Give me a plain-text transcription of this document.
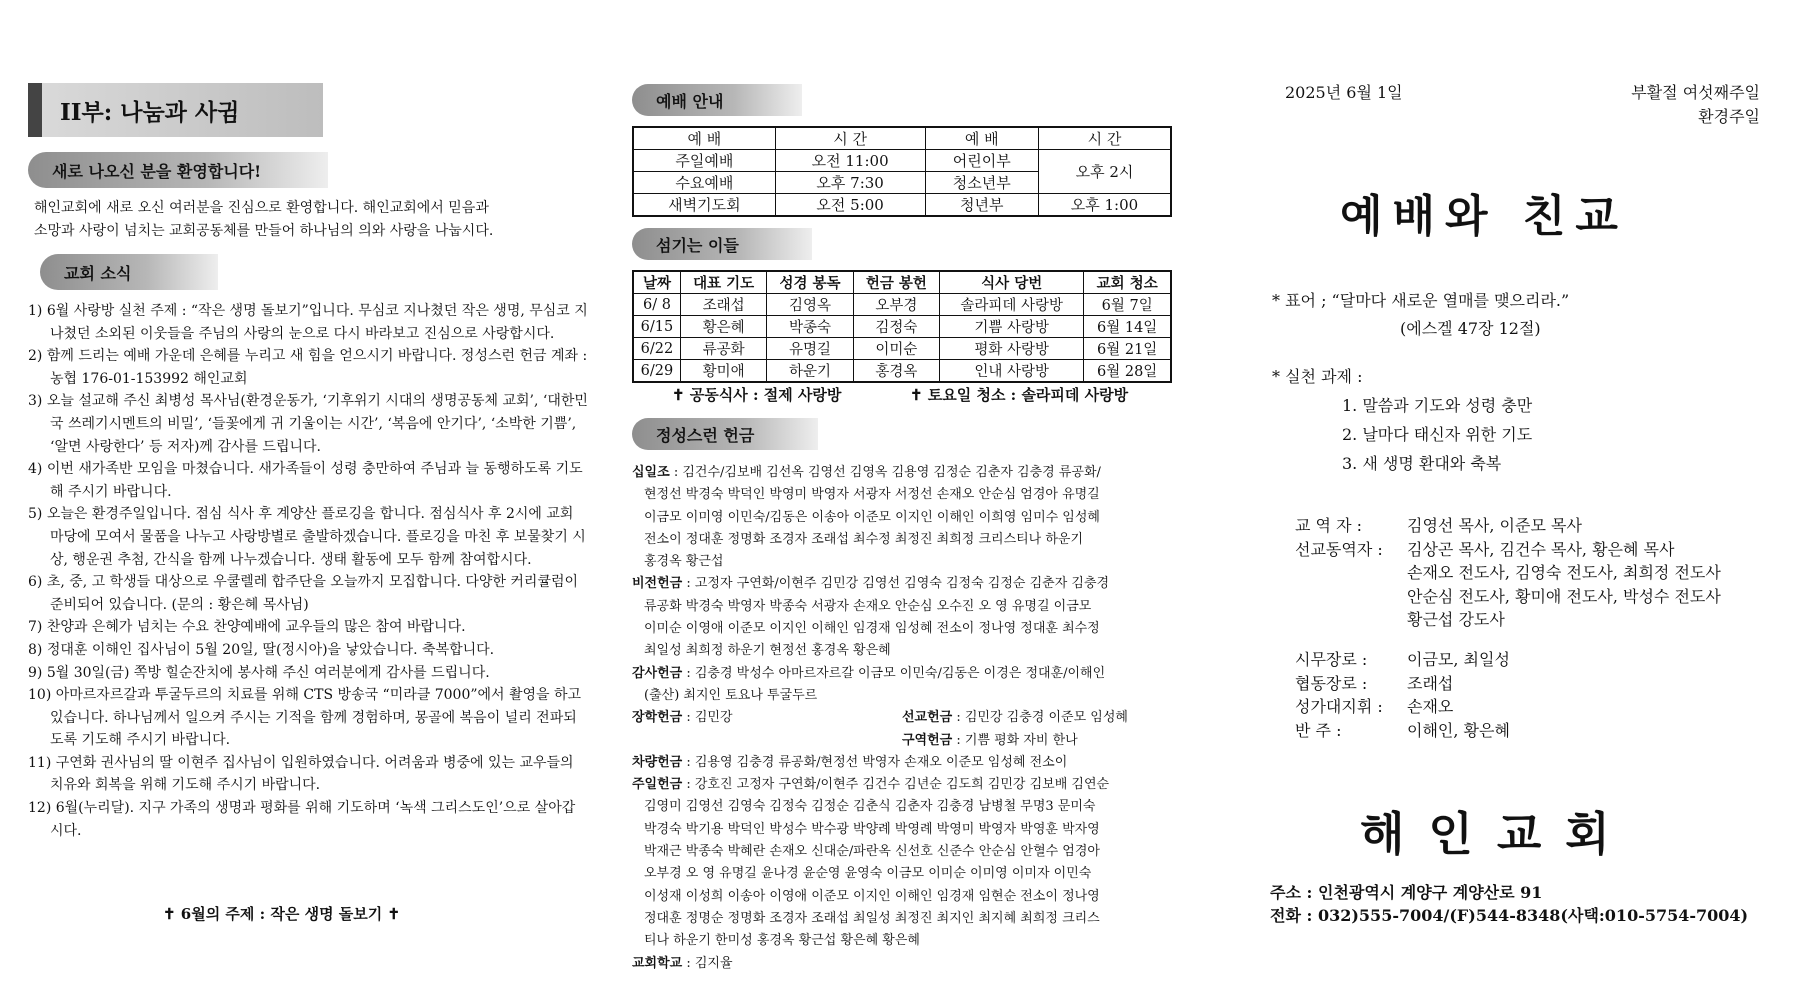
II부: 나눔과 사귐
새로 나오신 분을 환영합니다!
해인교회에 새로 오신 여러분을 진심으로 환영합니다. 해인교회에서 믿음과
소망과 사랑이 넘치는 교회공동체를 만들어 하나님의 의와 사랑을 나눕시다.
교회 소식
1) 6월 사랑방 실천 주제 : “작은 생명 돌보기”입니다. 무심코 지나쳤던 작은 생명, 무심코 지나쳤던 소외된 이웃들을 주님의 사랑의 눈으로 다시 바라보고 진심으로 사랑합시다.
2) 함께 드리는 예배 가운데 은혜를 누리고 새 힘을 얻으시기 바랍니다. 정성스런 헌금 계좌 : 농협 176-01-153992 해인교회
3) 오늘 설교해 주신 최병성 목사님(환경운동가, ‘기후위기 시대의 생명공동체 교회’, ‘대한민국 쓰레기시멘트의 비밀’, ‘들꽃에게 귀 기울이는 시간’, ‘복음에 안기다’, ‘소박한 기쁨’, ‘알면 사랑한다’ 등 저자)께 감사를 드립니다.
4) 이번 새가족반 모임을 마쳤습니다. 새가족들이 성령 충만하여 주님과 늘 동행하도록 기도해 주시기 바랍니다.
5) 오늘은 환경주일입니다. 점심 식사 후 계양산 플로깅을 합니다. 점심식사 후 2시에 교회 마당에 모여서 물품을 나누고 사랑방별로 출발하겠습니다. 플로깅을 마친 후 보물찾기 시상, 행운권 추첨, 간식을 함께 나누겠습니다. 생태 활동에 모두 함께 참여합시다.
6) 초, 중, 고 학생들 대상으로 우쿨렐레 합주단을 오늘까지 모집합니다. 다양한 커리큘럼이 준비되어 있습니다. (문의 : 황은혜 목사님)
7) 찬양과 은혜가 넘치는 수요 찬양예배에 교우들의 많은 참여 바랍니다.
8) 정대훈 이해인 집사님이 5월 20일, 딸(정시아)을 낳았습니다. 축복합니다.
9) 5월 30일(금) 쪽방 힐순잔치에 봉사해 주신 여러분에게 감사를 드립니다.
10) 아마르자르갈과 투굴두르의 치료를 위해 CTS 방송국 “미라클 7000”에서 촬영을 하고 있습니다. 하나님께서 일으켜 주시는 기적을 함께 경험하며, 몽골에 복음이 널리 전파되도록 기도해 주시기 바랍니다.
11) 구연화 권사님의 딸 이현주 집사님이 입원하였습니다. 어려움과 병중에 있는 교우들의 치유와 회복을 위해 기도해 주시기 바랍니다.
12) 6월(누리달). 지구 가족의 생명과 평화를 위해 기도하며 ‘녹색 그리스도인’으로 살아갑시다.
✝ 6월의 주제 : 작은 생명 돌보기 ✝
예배 안내
예 배	시 간	예 배	시 간
주일예배	오전 11:00	어린이부	오후 2시
수요예배	오후 7:30	청소년부	
새벽기도회	오전 5:00	청년부	오후 1:00
섬기는 이들
날짜	대표 기도	성경 봉독	헌금 봉헌	식사 당번	교회 청소
6/ 8	조래섭	김영옥	오부경	솔라피데 사랑방	6월 7일
6/15	황은혜	박종숙	김정숙	기쁨 사랑방	6월 14일
6/22	류공화	유명길	이미순	평화 사랑방	6월 21일
6/29	황미애	하운기	홍경옥	인내 사랑방	6월 28일
✝ 공동식사 : 절제 사랑방	✝ 토요일 청소 : 솔라피데 사랑방
정성스런 헌금
십일조 : 김건수/김보배 김선옥 김영선 김영옥 김용영 김정순 김춘자 김충경 류공화/
현정선 박경숙 박덕인 박영미 박영자 서광자 서정선 손재오 안순심 엄경아 유명길
이금모 이미영 이민숙/김동은 이송아 이준모 이지인 이해인 이희영 임미수 임성혜
전소이 정대훈 정명화 조경자 조래섭 최수정 최정진 최희정 크리스티나 하운기
홍경옥 황근섭
비전헌금 : 고정자 구연화/이현주 김민강 김영선 김영숙 김정숙 김정순 김춘자 김충경
류공화 박경숙 박영자 박종숙 서광자 손재오 안순심 오수진 오 영 유명길 이금모
이미순 이영애 이준모 이지인 이해인 임경재 임성혜 전소이 정나영 정대훈 최수정
최일성 최희정 하운기 현정선 홍경옥 황은혜
감사헌금 : 김충경 박성수 아마르자르갈 이금모 이민숙/김동은 이경은 정대훈/이해인
(출산) 최지인 토요나 투굴두르
장학헌금 : 김민강	선교헌금 : 김민강 김충경 이준모 임성혜
구역헌금 : 기쁨 평화 자비 한나
차량헌금 : 김용영 김충경 류공화/현정선 박영자 손재오 이준모 임성혜 전소이
주일헌금 : 강호진 고정자 구연화/이현주 김건수 김년순 김도희 김민강 김보배 김연순
김영미 김영선 김영숙 김정숙 김정순 김춘식 김춘자 김충경 남병철 무명3 문미숙
박경숙 박기용 박덕인 박성수 박수광 박양례 박영례 박영미 박영자 박영훈 박자영
박재근 박종숙 박혜란 손재오 신대순/파란옥 신선호 신준수 안순심 안혈수 엄경아
오부경 오 영 유명길 윤나경 윤순영 윤영숙 이금모 이미순 이미영 이미자 이민숙
이성재 이성희 이송아 이영애 이준모 이지인 이해인 임경재 임현순 전소이 정나영
정대훈 정명순 정명화 조경자 조래섭 최일성 최정진 최지인 최지혜 최희정 크리스
티나 하운기 한미성 홍경옥 황근섭 황은혜 황은혜
교회학교 : 김지율
2025년 6월 1일	부활절 여섯째주일
환경주일
예배와 친교
* 표어 ; “달마다 새로운 열매를 맺으리라.”
(에스겔 47장 12절)
* 실천 과제 :
1. 말씀과 기도와 성령 충만
2. 날마다 태신자 위한 기도
3. 새 생명 환대와 축복
교 역 자 :	김영선 목사, 이준모 목사
선교동역자 : 김상곤 목사, 김건수 목사, 황은혜 목사
손재오 전도사, 김영숙 전도사, 최희정 전도사
안순심 전도사, 황미애 전도사, 박성수 전도사
황근섭 강도사
시무장로 : 이금모, 최일성
협동장로 : 조래섭
성가대지휘 : 손재오
반 주 :	이해인, 황은혜
해인교회
주소 : 인천광역시 계양구 계양산로 91
전화 : 032)555-7004/(F)544-8348(사택:010-5754-7004)
